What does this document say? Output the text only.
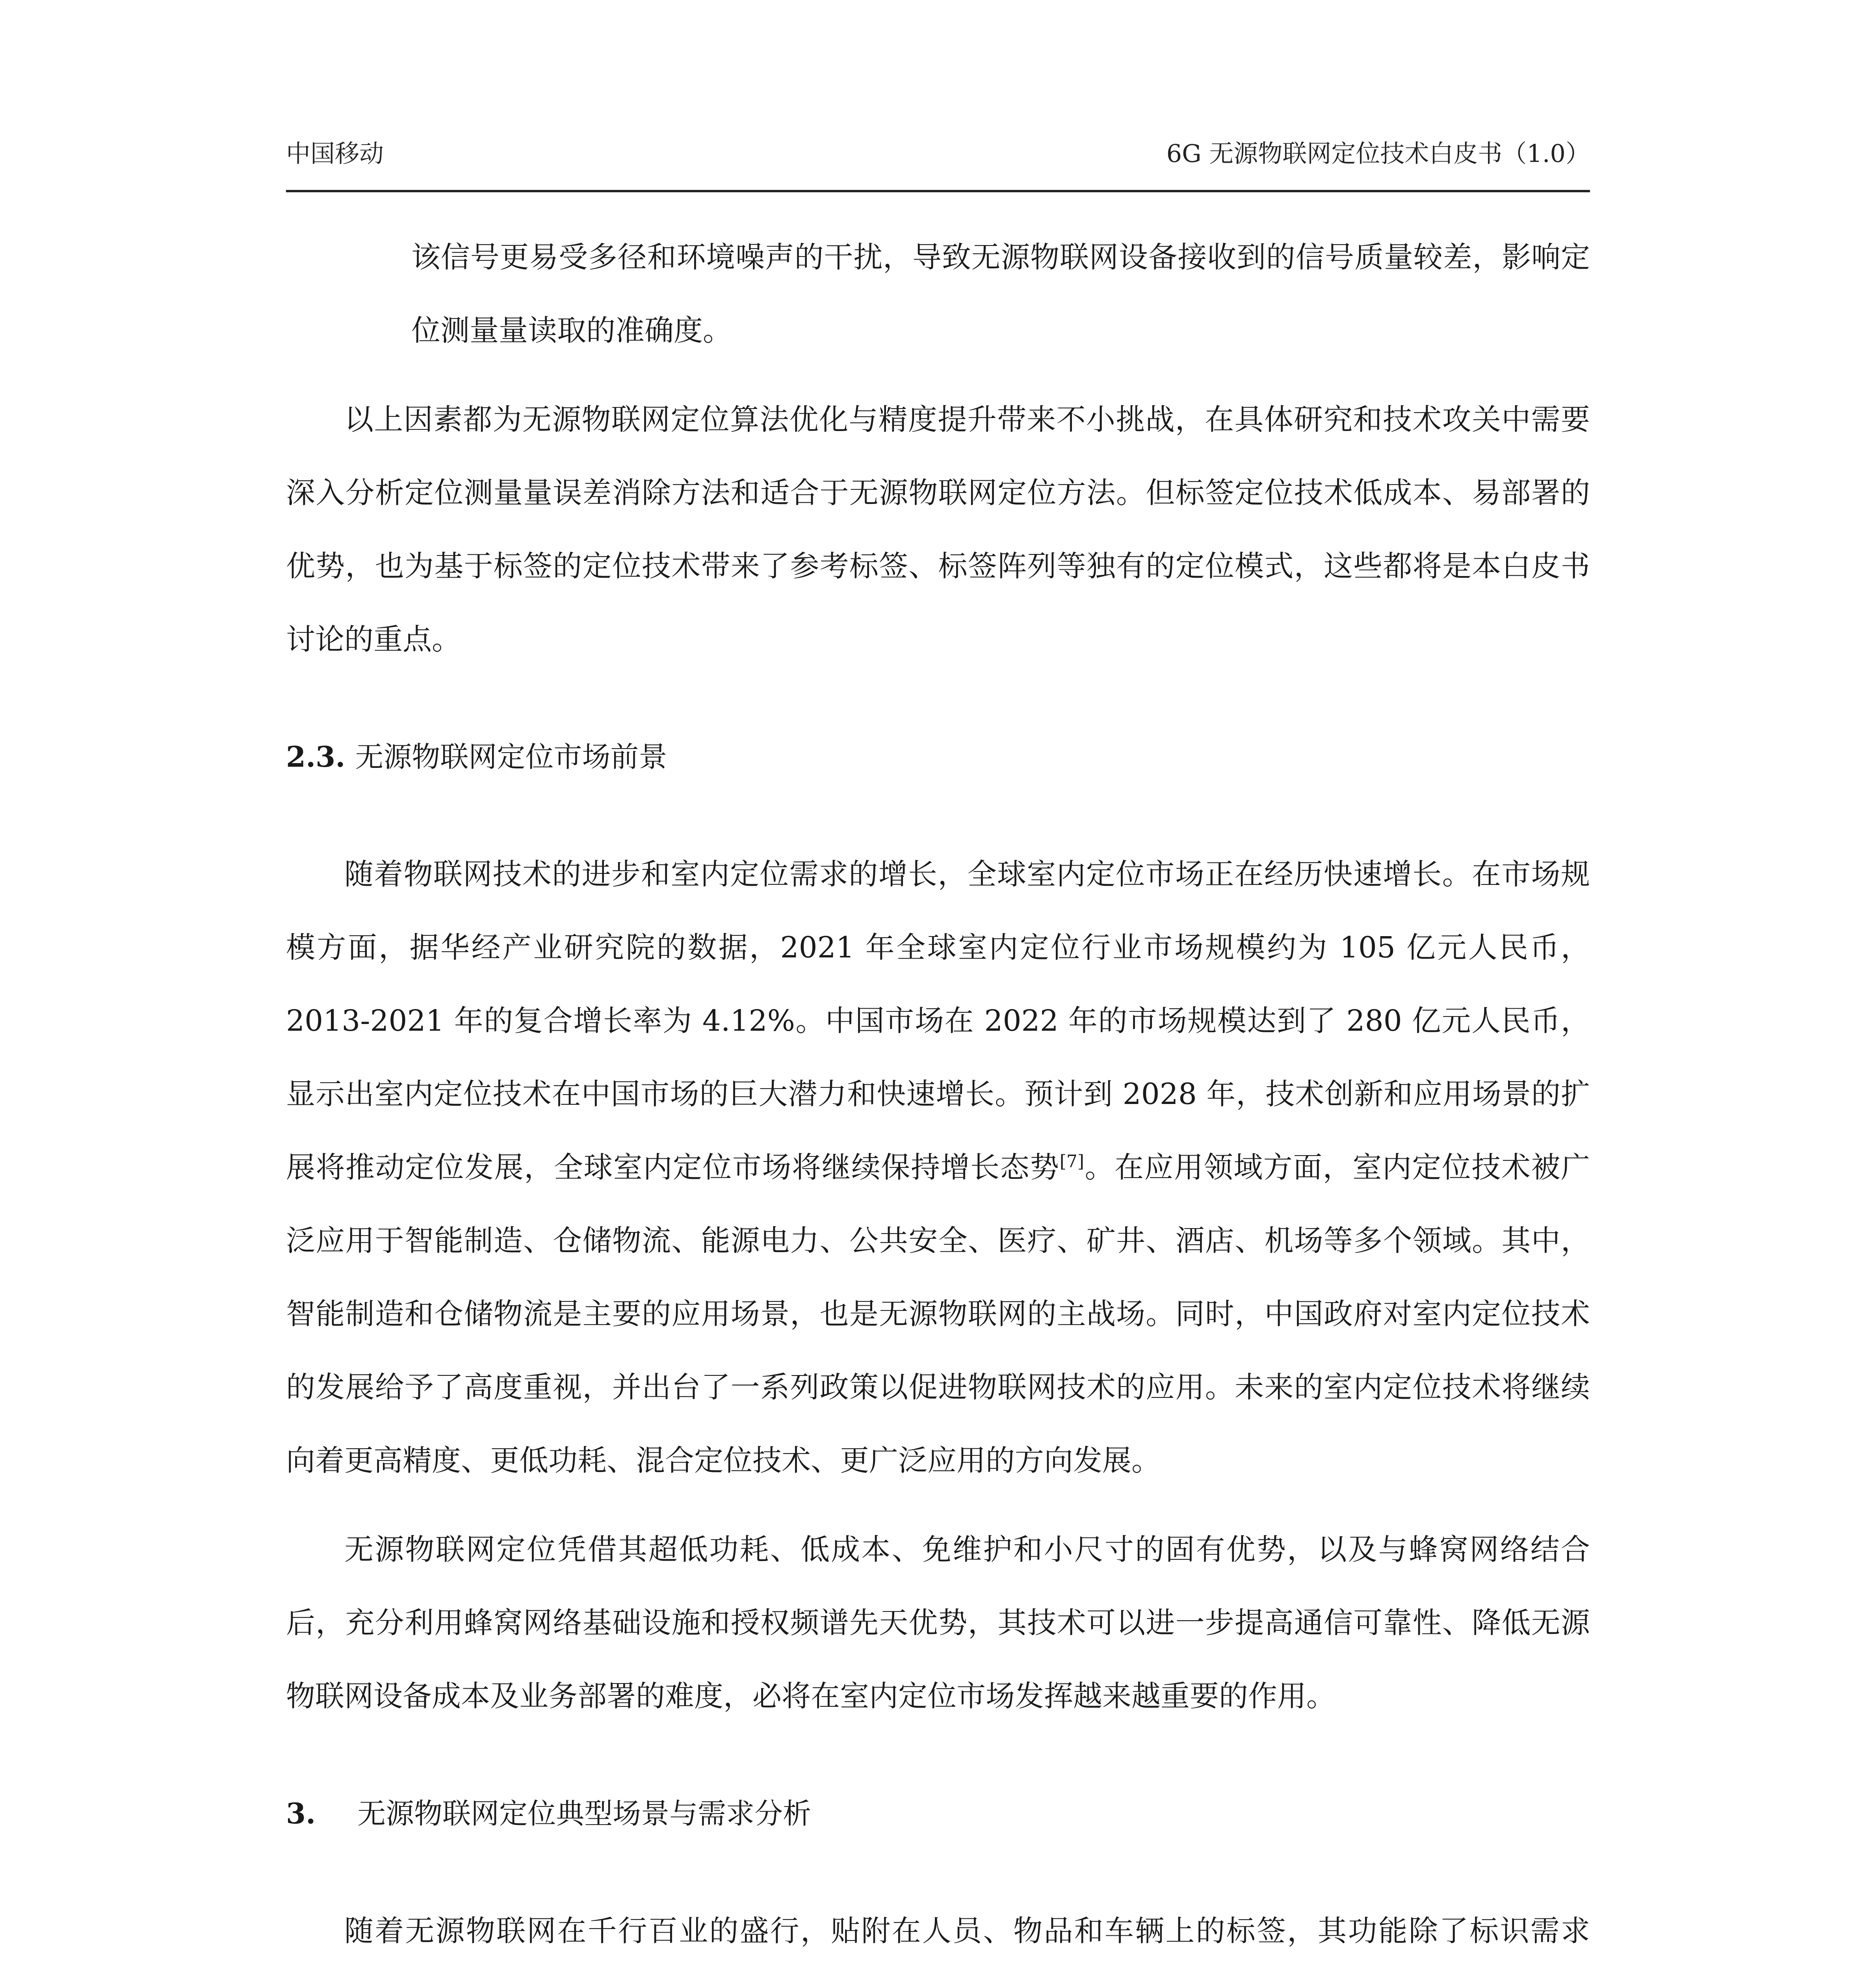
中国移动	6G 无源物联网定位技术白皮书（1.0）

该信号更易受多径和环境噪声的干扰，导致无源物联网设备接收到的信号质量较差，影响定位测量量读取的准确度。

以上因素都为无源物联网定位算法优化与精度提升带来不小挑战，在具体研究和技术攻关中需要深入分析定位测量量误差消除方法和适合于无源物联网定位方法。但标签定位技术低成本、易部署的优势，也为基于标签的定位技术带来了参考标签、标签阵列等独有的定位模式，这些都将是本白皮书讨论的重点。

2.3. 无源物联网定位市场前景

随着物联网技术的进步和室内定位需求的增长，全球室内定位市场正在经历快速增长。在市场规模方面，据华经产业研究院的数据，2021 年全球室内定位行业市场规模约为 105 亿元人民币，2013-2021 年的复合增长率为 4.12%。中国市场在 2022 年的市场规模达到了 280 亿元人民币，显示出室内定位技术在中国市场的巨大潜力和快速增长。预计到 2028 年，技术创新和应用场景的扩展将推动定位发展，全球室内定位市场将继续保持增长态势[7]。在应用领域方面，室内定位技术被广泛应用于智能制造、仓储物流、能源电力、公共安全、医疗、矿井、酒店、机场等多个领域。其中，智能制造和仓储物流是主要的应用场景，也是无源物联网的主战场。同时，中国政府对室内定位技术的发展给予了高度重视，并出台了一系列政策以促进物联网技术的应用。未来的室内定位技术将继续向着更高精度、更低功耗、混合定位技术、更广泛应用的方向发展。

无源物联网定位凭借其超低功耗、低成本、免维护和小尺寸的固有优势，以及与蜂窝网络结合后，充分利用蜂窝网络基础设施和授权频谱先天优势，其技术可以进一步提高通信可靠性、降低无源物联网设备成本及业务部署的难度，必将在室内定位市场发挥越来越重要的作用。

3. 无源物联网定位典型场景与需求分析

随着无源物联网在千行百业的盛行，贴附在人员、物品和车辆上的标签，其功能除了标识需求
